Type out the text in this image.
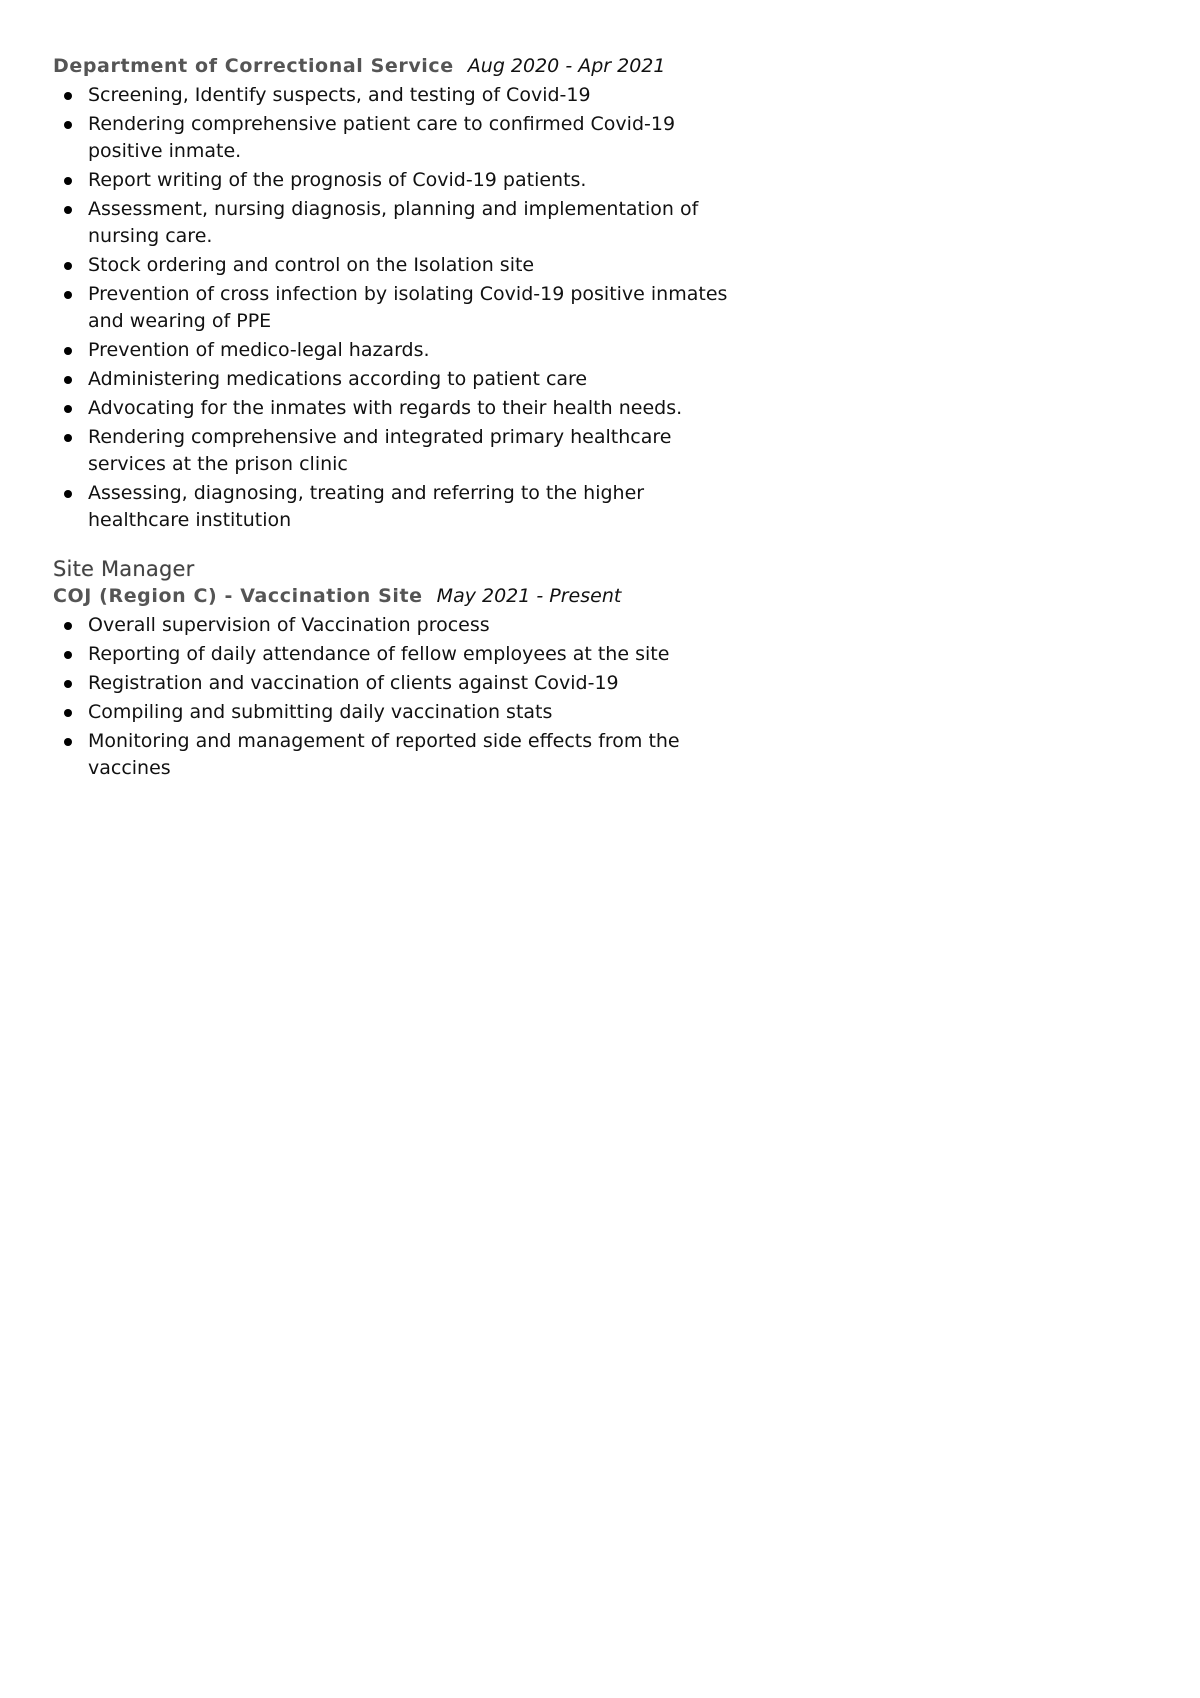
Department of Correctional Service Aug 2020 - Apr 2021
Screening, Identify suspects, and testing of Covid-19
Rendering comprehensive patient care to confirmed Covid-19 positive inmate.
Report writing of the prognosis of Covid-19 patients.
Assessment, nursing diagnosis, planning and implementation of nursing care.
Stock ordering and control on the Isolation site
Prevention of cross infection by isolating Covid-19 positive inmates and wearing of PPE
Prevention of medico-legal hazards.
Administering medications according to patient care
Advocating for the inmates with regards to their health needs.
Rendering comprehensive and integrated primary healthcare services at the prison clinic
Assessing, diagnosing, treating and referring to the higher healthcare institution
Site Manager
COJ (Region C) - Vaccination Site May 2021 - Present
Overall supervision of Vaccination process
Reporting of daily attendance of fellow employees at the site
Registration and vaccination of clients against Covid-19
Compiling and submitting daily vaccination stats
Monitoring and management of reported side effects from the vaccines
